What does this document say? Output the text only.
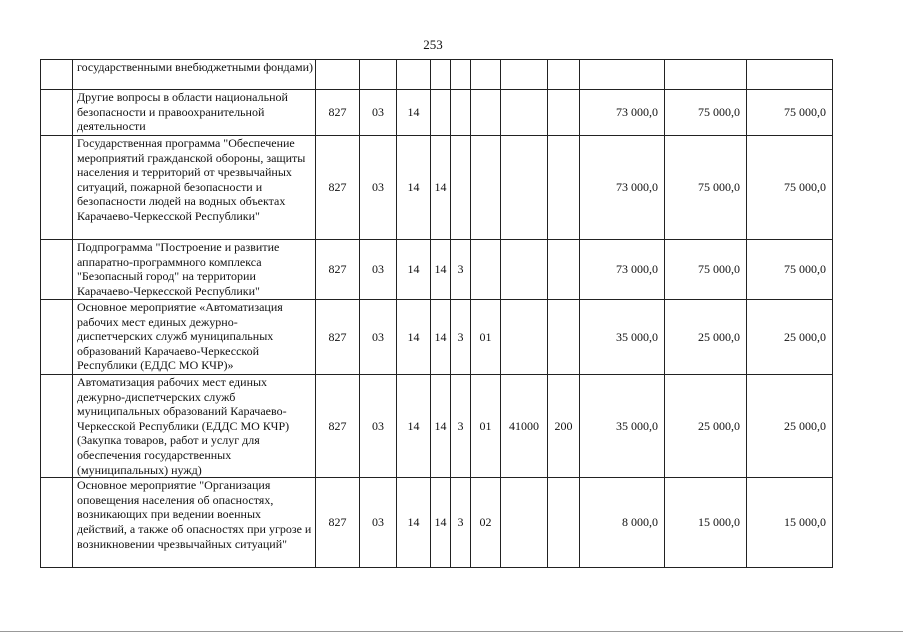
253
	государственными внебюджетными фондами)											
	Другие вопросы в области национальной безопасности и правоохранительной деятельности	827	03	14						73 000,0	75 000,0	75 000,0
	Государственная программа "Обеспечение мероприятий гражданской обороны, защиты населения и территорий от чрезвычайных ситуаций, пожарной безопасности и безопасности людей на водных объектах Карачаево-Черкесской Республики"	827	03	14	14					73 000,0	75 000,0	75 000,0
	Подпрограмма "Построение и развитие аппаратно-программного комплекса "Безопасный город" на территории Карачаево-Черкесской Республики"	827	03	14	14	3				73 000,0	75 000,0	75 000,0
	Основное мероприятие «Автоматизация рабочих мест единых дежурно-диспетчерских служб муниципальных образований Карачаево-Черкесской Республики (ЕДДС МО КЧР)»	827	03	14	14	3	01			35 000,0	25 000,0	25 000,0
	Автоматизация рабочих мест единых дежурно-диспетчерских служб муниципальных образований Карачаево-Черкесской Республики (ЕДДС МО КЧР) (Закупка товаров, работ и услуг для обеспечения государственных (муниципальных) нужд)	827	03	14	14	3	01	41000	200	35 000,0	25 000,0	25 000,0
	Основное мероприятие "Организация оповещения населения об опасностях, возникающих при ведении военных действий, а также об опасностях при угрозе и возникновении чрезвычайных ситуаций"	827	03	14	14	3	02			8 000,0	15 000,0	15 000,0
